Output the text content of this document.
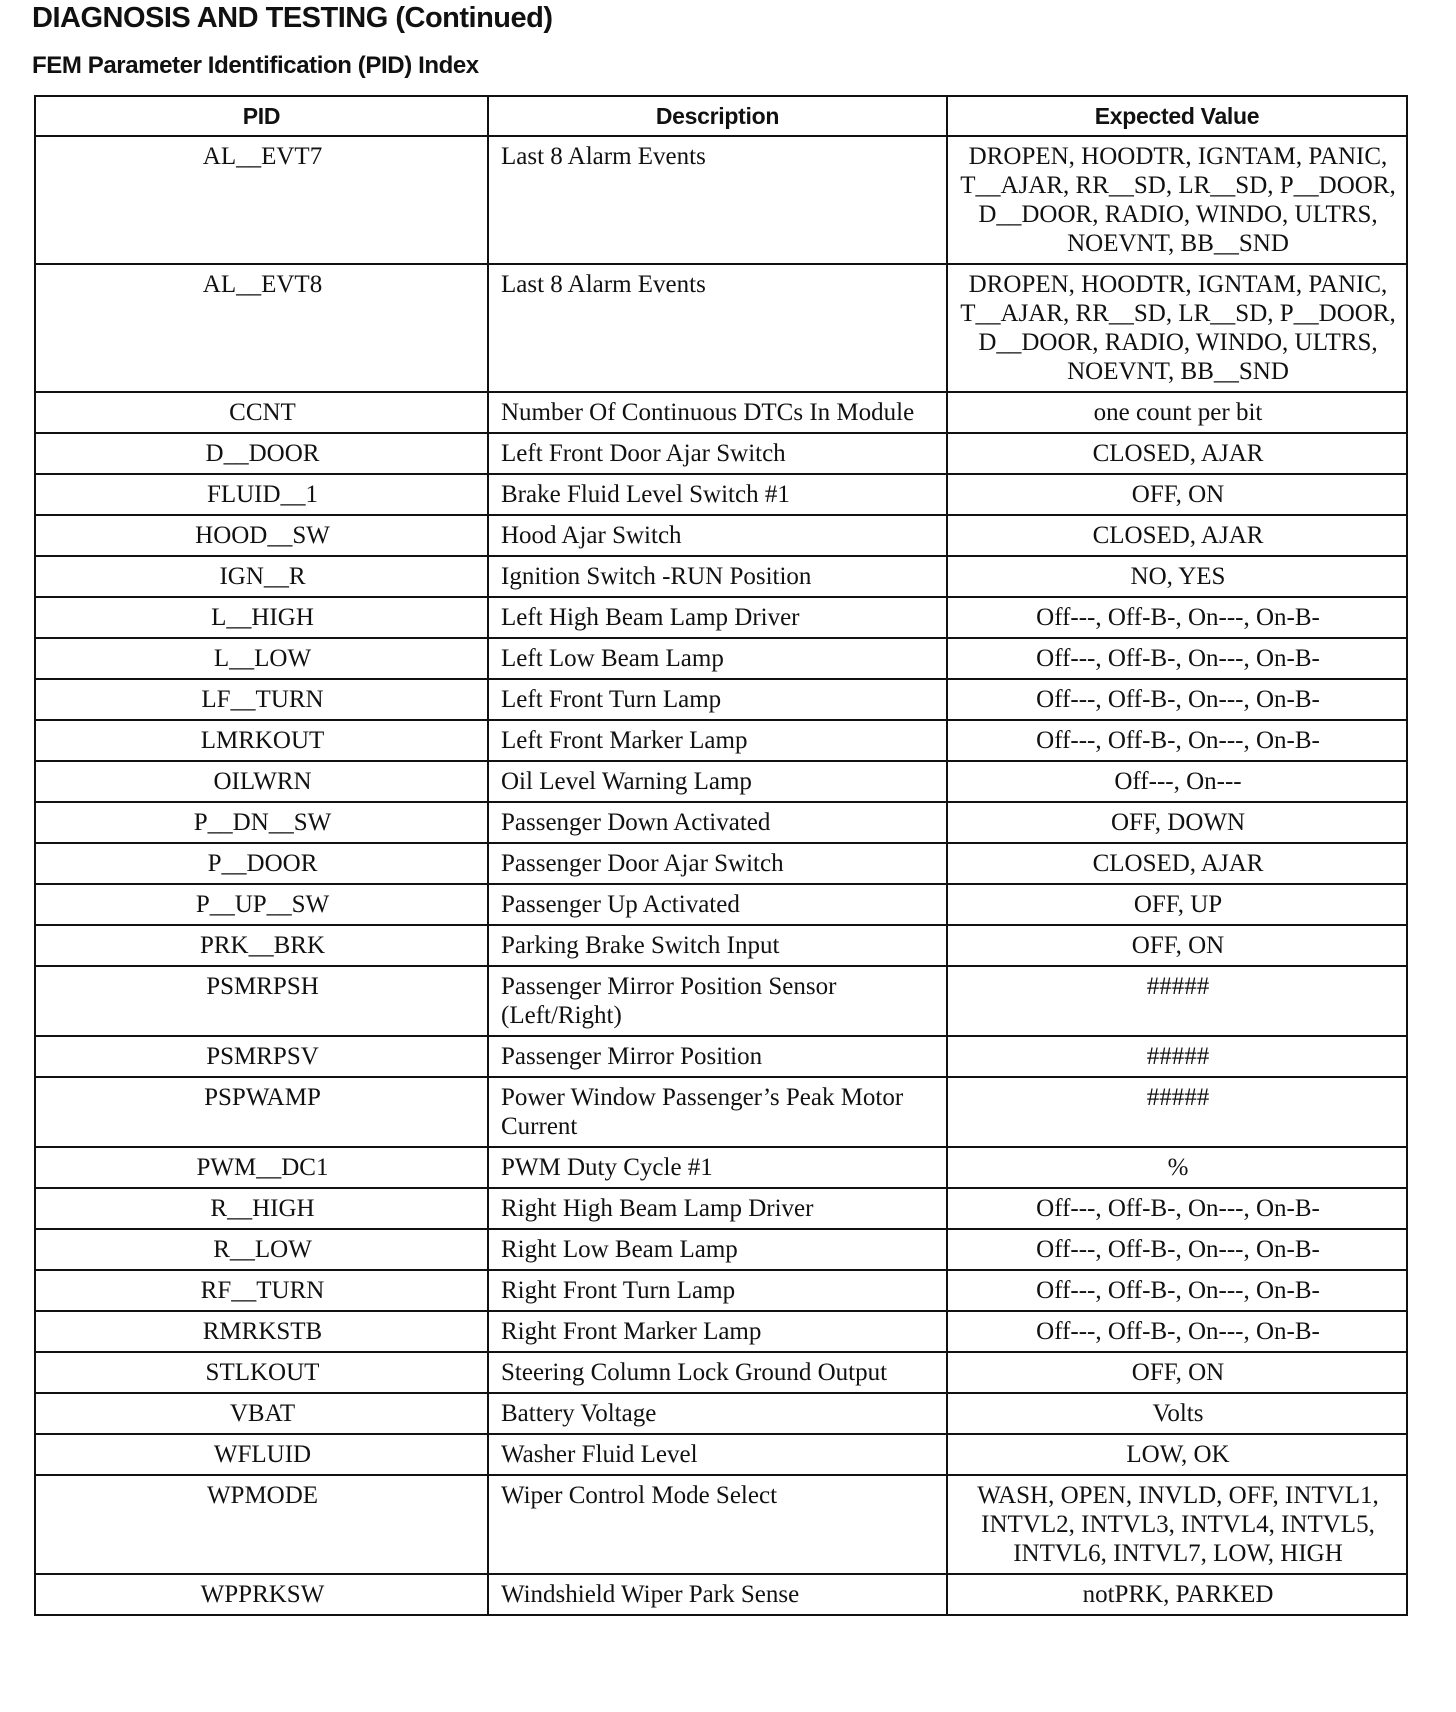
DIAGNOSIS AND TESTING (Continued)
FEM Parameter Identification (PID) Index
PID	Description	Expected Value
AL__EVT7	Last 8 Alarm Events	DROPEN, HOODTR, IGNTAM, PANIC, T__AJAR, RR__SD, LR__SD, P__DOOR, D__DOOR, RADIO, WINDO, ULTRS, NOEVNT, BB__SND
AL__EVT8	Last 8 Alarm Events	DROPEN, HOODTR, IGNTAM, PANIC, T__AJAR, RR__SD, LR__SD, P__DOOR, D__DOOR, RADIO, WINDO, ULTRS, NOEVNT, BB__SND
CCNT	Number Of Continuous DTCs In Module	one count per bit
D__DOOR	Left Front Door Ajar Switch	CLOSED, AJAR
FLUID__1	Brake Fluid Level Switch #1	OFF, ON
HOOD__SW	Hood Ajar Switch	CLOSED, AJAR
IGN__R	Ignition Switch -RUN Position	NO, YES
L__HIGH	Left High Beam Lamp Driver	Off---, Off-B-, On---, On-B-
L__LOW	Left Low Beam Lamp	Off---, Off-B-, On---, On-B-
LF__TURN	Left Front Turn Lamp	Off---, Off-B-, On---, On-B-
LMRKOUT	Left Front Marker Lamp	Off---, Off-B-, On---, On-B-
OILWRN	Oil Level Warning Lamp	Off---, On---
P__DN__SW	Passenger Down Activated	OFF, DOWN
P__DOOR	Passenger Door Ajar Switch	CLOSED, AJAR
P__UP__SW	Passenger Up Activated	OFF, UP
PRK__BRK	Parking Brake Switch Input	OFF, ON
PSMRPSH	Passenger Mirror Position Sensor (Left/Right)	#####
PSMRPSV	Passenger Mirror Position	#####
PSPWAMP	Power Window Passenger’s Peak Motor Current	#####
PWM__DC1	PWM Duty Cycle #1	%
R__HIGH	Right High Beam Lamp Driver	Off---, Off-B-, On---, On-B-
R__LOW	Right Low Beam Lamp	Off---, Off-B-, On---, On-B-
RF__TURN	Right Front Turn Lamp	Off---, Off-B-, On---, On-B-
RMRKSTB	Right Front Marker Lamp	Off---, Off-B-, On---, On-B-
STLKOUT	Steering Column Lock Ground Output	OFF, ON
VBAT	Battery Voltage	Volts
WFLUID	Washer Fluid Level	LOW, OK
WPMODE	Wiper Control Mode Select	WASH, OPEN, INVLD, OFF, INTVL1, INTVL2, INTVL3, INTVL4, INTVL5, INTVL6, INTVL7, LOW, HIGH
WPPRKSW	Windshield Wiper Park Sense	notPRK, PARKED
